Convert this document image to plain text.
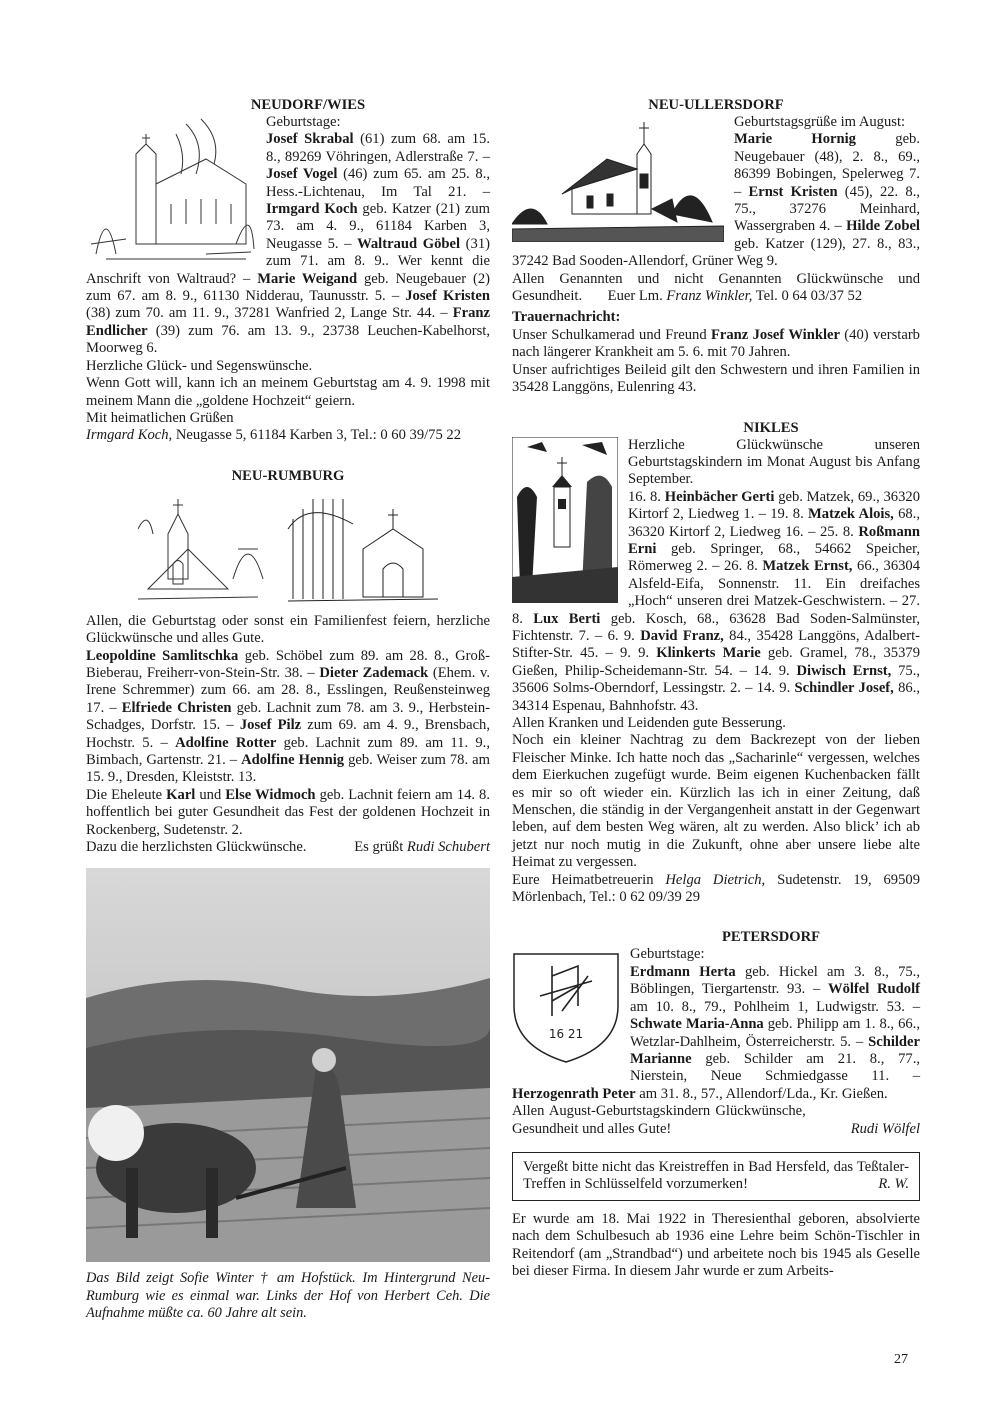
NEUDORF/WIES
Geburtstage:
Josef Skrabal (61) zum 68. am 15. 8., 89269 Vöhringen, Adlerstraße 7. – Josef Vogel (46) zum 65. am 25. 8., Hess.-Lichtenau, Im Tal 21. – Irmgard Koch geb. Katzer (21) zum 73. am 4. 9., 61184 Karben 3, Neugasse 5. – Waltraud Göbel (31) zum 71. am 8. 9.. Wer kennt die Anschrift von Waltraud? – Marie Weigand geb. Neugebauer (2) zum 67. am 8. 9., 61130 Nidderau, Taunusstr. 5. – Josef Kristen (38) zum 70. am 11. 9., 37281 Wanfried 2, Lange Str. 44. – Franz Endlicher (39) zum 76. am 13. 9., 23738 Leuchen-Kabelhorst, Moorweg 6.
Herzliche Glück- und Segenswünsche.
Wenn Gott will, kann ich an meinem Geburtstag am 4. 9. 1998 mit meinem Mann die „goldene Hochzeit“ geiern.
Mit heimatlichen Grüßen
Irmgard Koch, Neugasse 5, 61184 Karben 3, Tel.: 0 60 39/75 22
NEU-RUMBURG
Allen, die Geburtstag oder sonst ein Familienfest feiern, herzliche Glückwünsche und alles Gute.
Leopoldine Samlitschka geb. Schöbel zum 89. am 28. 8., Groß-Bieberau, Freiherr-von-Stein-Str. 38. – Dieter Zademack (Ehem. v. Irene Schremmer) zum 66. am 28. 8., Esslingen, Reußensteinweg 17. – Elfriede Christen geb. Lachnit zum 78. am 3. 9., Herbstein-Schadges, Dorfstr. 15. – Josef Pilz zum 69. am 4. 9., Brensbach, Hochstr. 5. – Adolfine Rotter geb. Lachnit zum 89. am 11. 9., Bimbach, Gartenstr. 21. – Adolfine Hennig geb. Weiser zum 78. am 15. 9., Dresden, Kleiststr. 13.
Die Eheleute Karl und Else Widmoch geb. Lachnit feiern am 14. 8. hoffentlich bei guter Gesundheit das Fest der goldenen Hochzeit in Rockenberg, Sudetenstr. 2.
Dazu die herzlichsten Glückwünsche.	Es grüßt Rudi Schubert
Das Bild zeigt Sofie Winter † am Hofstück. Im Hintergrund Neu-Rumburg wie es einmal war. Links der Hof von Herbert Ceh. Die Aufnahme müßte ca. 60 Jahre alt sein.
NEU-ULLERSDORF
Geburtstagsgrüße im August:
Marie Hornig geb. Neugebauer (48), 2. 8., 69., 86399 Bobingen, Spelerweg 7. – Ernst Kristen (45), 22. 8., 75., 37276 Meinhard, Wassergraben 4. – Hilde Zobel geb. Katzer (129), 27. 8., 83., 37242 Bad Sooden-Allendorf, Grüner Weg 9.
Allen Genannten und nicht Genannten Glückwünsche und Gesundheit.       Euer Lm. Franz Winkler, Tel. 0 64 03/37 52
Trauernachricht:
Unser Schulkamerad und Freund Franz Josef Winkler (40) verstarb nach längerer Krankheit am 5. 6. mit 70 Jahren.
Unser aufrichtiges Beileid gilt den Schwestern und ihren Familien in 35428 Langgöns, Eulenring 43.
NIKLES
Herzliche Glückwünsche unseren Geburtstagskindern im Monat August bis Anfang September.
16. 8. Heinbächer Gerti geb. Matzek, 69., 36320 Kirtorf 2, Liedweg 1. – 19. 8. Matzek Alois, 68., 36320 Kirtorf 2, Liedweg 16. – 25. 8. Roßmann Erni geb. Springer, 68., 54662 Speicher, Römerweg 2. – 26. 8. Matzek Ernst, 66., 36304 Alsfeld-Eifa, Sonnenstr. 11. Ein dreifaches „Hoch“ unseren drei Matzek-Geschwistern. – 27. 8. Lux Berti geb. Kosch, 68., 63628 Bad Soden-Salmünster, Fichtenstr. 7. – 6. 9. David Franz, 84., 35428 Langgöns, Adalbert-Stifter-Str. 45. – 9. 9. Klinkerts Marie geb. Gramel, 78., 35379 Gießen, Philip-Scheidemann-Str. 54. – 14. 9. Diwisch Ernst, 75., 35606 Solms-Oberndorf, Lessingstr. 2. – 14. 9. Schindler Josef, 86., 34314 Espenau, Bahnhofstr. 43.
Allen Kranken und Leidenden gute Besserung.
Noch ein kleiner Nachtrag zu dem Backrezept von der lieben Fleischer Minke. Ich hatte noch das „Sacharinle“ vergessen, welches dem Eierkuchen zugefügt wurde. Beim eigenen Kuchenbacken fällt es mir so oft wieder ein. Kürzlich las ich in einer Zeitung, daß Menschen, die ständig in der Vergangenheit anstatt in der Gegenwart leben, auf dem besten Weg wären, alt zu werden. Also blick’ ich ab jetzt nur noch mutig in die Zukunft, ohne aber unsere liebe alte Heimat zu vergessen.
Eure Heimatbetreuerin Helga Dietrich, Sudetenstr. 19, 69509 Mörlenbach, Tel.: 0 62 09/39 29
PETERSDORF
16 21
Geburtstage:
Erdmann Herta geb. Hickel am 3. 8., 75., Böblingen, Tiergartenstr. 93. – Wölfel Rudolf am 10. 8., 79., Pohlheim 1, Ludwigstr. 53. – Schwate Maria-Anna geb. Philipp am 1. 8., 66., Wetzlar-Dahlheim, Österreicherstr. 5. – Schilder Marianne geb. Schilder am 21. 8., 77., Nierstein, Neue Schmiedgasse 11. – Herzogenrath Peter am 31. 8., 57., Allendorf/Lda., Kr. Gießen.
Allen August-Geburtstagskindern Glückwünsche, Gesundheit und alles Gute!	Rudi Wölfel
Vergeßt bitte nicht das Kreistreffen in Bad Hersfeld, das Teßtaler-Treffen in Schlüsselfeld vorzumerken!	R. W.
Er wurde am 18. Mai 1922 in Theresienthal geboren, absolvierte nach dem Schulbesuch ab 1936 eine Lehre beim Schön-Tischler in Reitendorf (am „Strandbad“) und arbeitete noch bis 1945 als Geselle bei dieser Firma. In diesem Jahr wurde er zum Arbeits-
27
